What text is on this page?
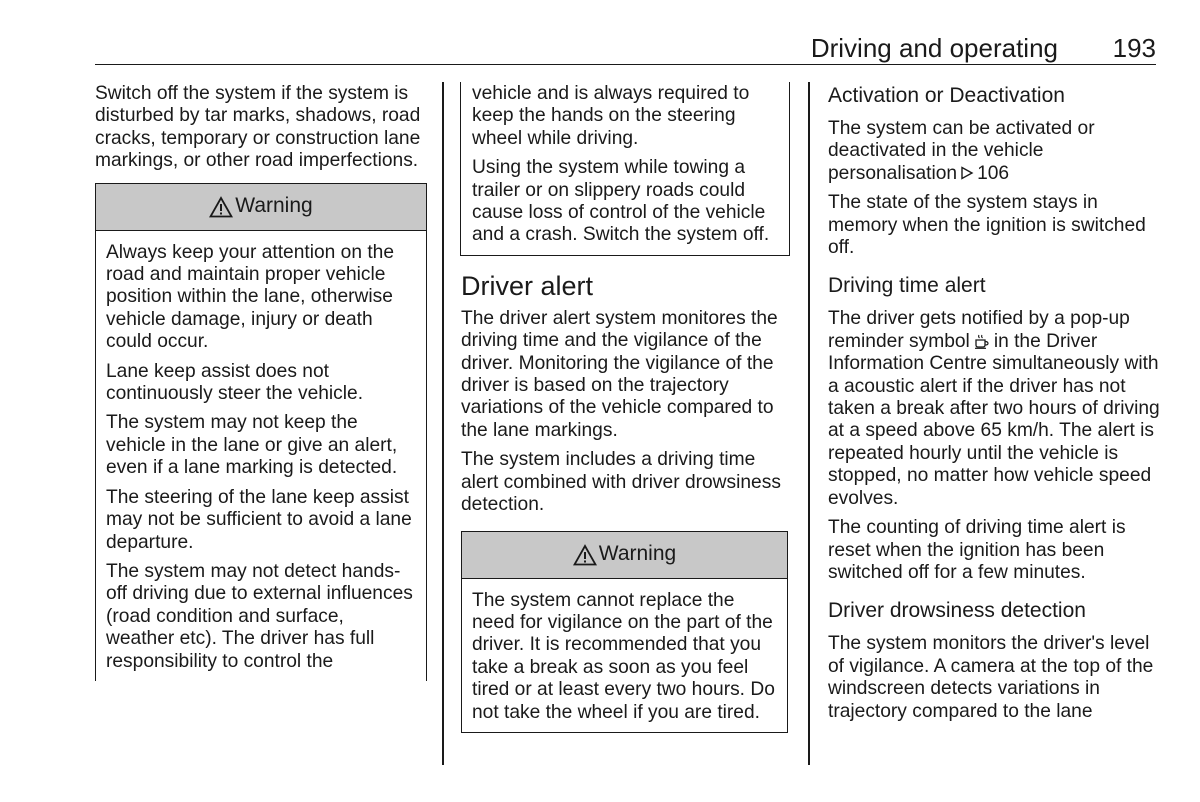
Driving and operating 193

Switch off the system if the system is disturbed by tar marks, shadows, road cracks, temporary or construction lane markings, or other road imperfections.

Warning

Always keep your attention on the road and maintain proper vehicle position within the lane, otherwise vehicle damage, injury or death could occur.

Lane keep assist does not continuously steer the vehicle.

The system may not keep the vehicle in the lane or give an alert, even if a lane marking is detected.

The steering of the lane keep assist may not be sufficient to avoid a lane departure.

The system may not detect hands-off driving due to external influences (road condition and surface, weather etc). The driver has full responsibility to control the

vehicle and is always required to keep the hands on the steering wheel while driving.

Using the system while towing a trailer or on slippery roads could cause loss of control of the vehicle and a crash. Switch the system off.

Driver alert

The driver alert system monitores the driving time and the vigilance of the driver. Monitoring the vigilance of the driver is based on the trajectory variations of the vehicle compared to the lane markings.

The system includes a driving time alert combined with driver drowsiness detection.

Warning

The system cannot replace the need for vigilance on the part of the driver. It is recommended that you take a break as soon as you feel tired or at least every two hours. Do not take the wheel if you are tired.

Activation or Deactivation

The system can be activated or deactivated in the vehicle personalisation 106

The state of the system stays in memory when the ignition is switched off.

Driving time alert

The driver gets notified by a pop-up reminder symbol in the Driver Information Centre simultaneously with a acoustic alert if the driver has not taken a break after two hours of driving at a speed above 65 km/h. The alert is repeated hourly until the vehicle is stopped, no matter how vehicle speed evolves.

The counting of driving time alert is reset when the ignition has been switched off for a few minutes.

Driver drowsiness detection

The system monitors the driver's level of vigilance. A camera at the top of the windscreen detects variations in trajectory compared to the lane
